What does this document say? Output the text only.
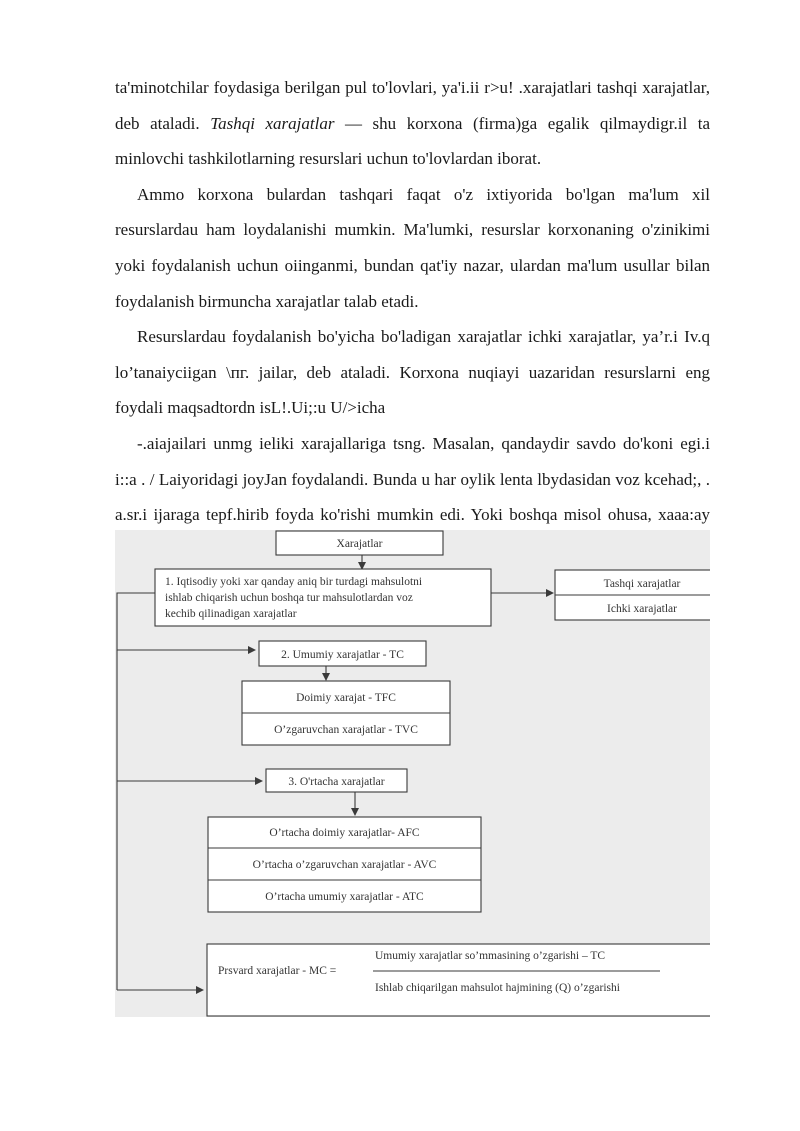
ta'minotchilar foydasiga berilgan pul to'lovlari, ya'i.ii r>u! .xarajatlari tashqi xarajatlar, deb ataladi. Tashqi xarajatlar — shu korxona (firma)ga egalik qilmaydigr.il ta minlovchi tashkilotlarning resurslari uchun to'lovlardan iborat.

Ammo korxona bulardan tashqari faqat o'z ixtiyorida bo'lgan ma'lum xil resurslardau ham loydalanishi mumkin. Ma'lumki, resurslar korxonaning o'zinikimi yoki foydalanish uchun oiinganmi, bundan qat'iy nazar, ulardan ma'lum usullar bilan foydalanish birmuncha xarajatlar talab etadi.

Resurslardau foydalanish bo'yicha bo'ladigan xarajatlar ichki xarajatlar, ya’r.i Iv.q lo’tanaiyciigan \пг. jailar, deb ataladi. Korxona nuqiayi uazaridan resurslarni eng foydali maqsadtordn isL!.Ui;:u U/>icha

-.aiajailari unmg ieliki xarajallariga tsng. Masalan, qandaydir savdo do'koni egi.i i::a . / Laiyoridagi joyJan foydalandi. Bunda u har oylik lenta lbydasidan voz kcehad;, . a.sr.i ijaraga tepf.hirib foyda ko'rishi mumkin edi. Yoki boshqa misol ohusa, xaaa:ay

Xarajatlar
1. Iqtisodiy yoki xar qanday aniq bir turdagi mahsulotni
ishlab chiqarish uchun boshqa tur mahsulotlardan voz
kechib qilinadigan xarajatlar
Tashqi xarajatlar
Ichki xarajatlar
2. Umumiy xarajatlar - TC
Doimiy xarajat - TFC
O’zgaruvchan xarajatlar - TVC
3. O'rtacha xarajatlar
O’rtacha doimiy xarajatlar- AFC
O’rtacha o’zgaruvchan xarajatlar - AVC
O’rtacha umumiy xarajatlar - ATC
Prsvard xarajatlar - MC =
Umumiy xarajatlar so’mmasining o’zgarishi – TC
Ishlab chiqarilgan mahsulot hajmining (Q) o’zgarishi
